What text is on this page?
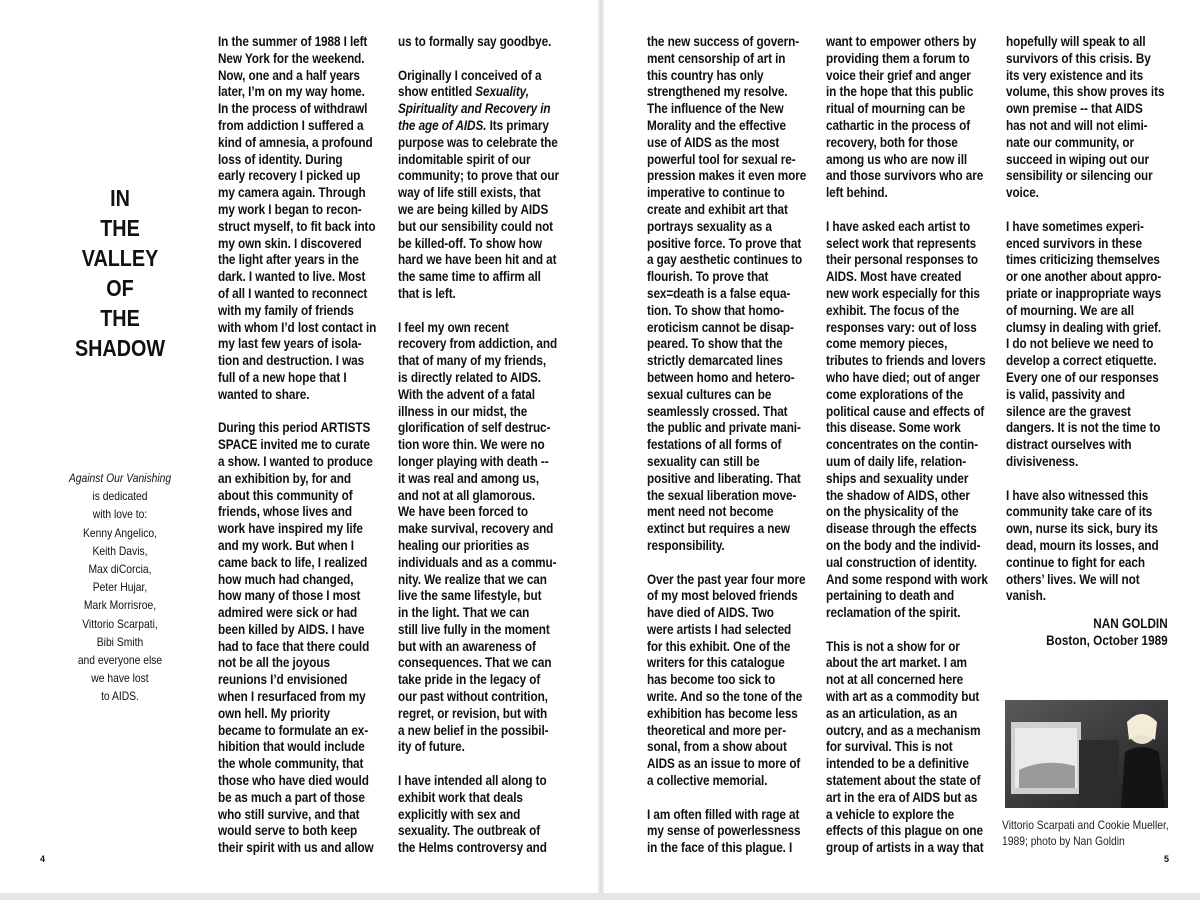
IN
THE
VALLEY
OF
THE
SHADOW
Against Our Vanishing
is dedicated
with love to:
Kenny Angelico,
Keith Davis,
Max diCorcia,
Peter Hujar,
Mark Morrisroe,
Vittorio Scarpati,
Bibi Smith
and everyone else
we have lost
to AIDS.
In the summer of 1988 I left
New York for the weekend.
Now, one and a half years
later, I’m on my way home.
In the process of withdrawl
from addiction I suffered a
kind of amnesia, a profound
loss of identity. During
early recovery I picked up
my camera again. Through
my work I began to recon-
struct myself, to fit back into
my own skin. I discovered
the light after years in the
dark. I wanted to live. Most
of all I wanted to reconnect
with my family of friends
with whom I’d lost contact in
my last few years of isola-
tion and destruction. I was
full of a new hope that I
wanted to share.
During this period ARTISTS
SPACE invited me to curate
a show. I wanted to produce
an exhibition by, for and
about this community of
friends, whose lives and
work have inspired my life
and my work. But when I
came back to life, I realized
how much had changed,
how many of those I most
admired were sick or had
been killed by AIDS. I have
had to face that there could
not be all the joyous
reunions I’d envisioned
when I resurfaced from my
own hell. My priority
became to formulate an ex-
hibition that would include
the whole community, that
those who have died would
be as much a part of those
who still survive, and that
would serve to both keep
their spirit with us and allow
us to formally say goodbye.
Originally I conceived of a
show entitled Sexuality,
Spirituality and Recovery in
the age of AIDS. Its primary
purpose was to celebrate the
indomitable spirit of our
community; to prove that our
way of life still exists, that
we are being killed by AIDS
but our sensibility could not
be killed-off. To show how
hard we have been hit and at
the same time to affirm all
that is left.
I feel my own recent
recovery from addiction, and
that of many of my friends,
is directly related to AIDS.
With the advent of a fatal
illness in our midst, the
glorification of self destruc-
tion wore thin. We were no
longer playing with death --
it was real and among us,
and not at all glamorous.
We have been forced to
make survival, recovery and
healing our priorities as
individuals and as a commu-
nity. We realize that we can
live the same lifestyle, but
in the light. That we can
still live fully in the moment
but with an awareness of
consequences. That we can
take pride in the legacy of
our past without contrition,
regret, or revision, but with
a new belief in the possibil-
ity of future.
I have intended all along to
exhibit work that deals
explicitly with sex and
sexuality. The outbreak of
the Helms controversy and
the new success of govern-
ment censorship of art in
this country has only
strengthened my resolve.
The influence of the New
Morality and the effective
use of AIDS as the most
powerful tool for sexual re-
pression makes it even more
imperative to continue to
create and exhibit art that
portrays sexuality as a
positive force. To prove that
a gay aesthetic continues to
flourish. To prove that
sex=death is a false equa-
tion. To show that homo-
eroticism cannot be disap-
peared. To show that the
strictly demarcated lines
between homo and hetero-
sexual cultures can be
seamlessly crossed. That
the public and private mani-
festations of all forms of
sexuality can still be
positive and liberating. That
the sexual liberation move-
ment need not become
extinct but requires a new
responsibility.
Over the past year four more
of my most beloved friends
have died of AIDS. Two
were artists I had selected
for this exhibit. One of the
writers for this catalogue
has become too sick to
write. And so the tone of the
exhibition has become less
theoretical and more per-
sonal, from a show about
AIDS as an issue to more of
a collective memorial.
I am often filled with rage at
my sense of powerlessness
in the face of this plague. I
want to empower others by
providing them a forum to
voice their grief and anger
in the hope that this public
ritual of mourning can be
cathartic in the process of
recovery, both for those
among us who are now ill
and those survivors who are
left behind.
I have asked each artist to
select work that represents
their personal responses to
AIDS. Most have created
new work especially for this
exhibit. The focus of the
responses vary: out of loss
come memory pieces,
tributes to friends and lovers
who have died; out of anger
come explorations of the
political cause and effects of
this disease. Some work
concentrates on the contin-
uum of daily life, relation-
ships and sexuality under
the shadow of AIDS, other
on the physicality of the
disease through the effects
on the body and the individ-
ual construction of identity.
And some respond with work
pertaining to death and
reclamation of the spirit.
This is not a show for or
about the art market. I am
not at all concerned here
with art as a commodity but
as an articulation, as an
outcry, and as a mechanism
for survival. This is not
intended to be a definitive
statement about the state of
art in the era of AIDS but as
a vehicle to explore the
effects of this plague on one
group of artists in a way that
hopefully will speak to all
survivors of this crisis. By
its very existence and its
volume, this show proves its
own premise -- that AIDS
has not and will not elimi-
nate our community, or
succeed in wiping out our
sensibility or silencing our
voice.
I have sometimes experi-
enced survivors in these
times criticizing themselves
or one another about appro-
priate or inappropriate ways
of mourning. We are all
clumsy in dealing with grief.
I do not believe we need to
develop a correct etiquette.
Every one of our responses
is valid, passivity and
silence are the gravest
dangers. It is not the time to
distract ourselves with
divisiveness.
I have also witnessed this
community take care of its
own, nurse its sick, bury its
dead, mourn its losses, and
continue to fight for each
others’ lives. We will not
vanish.
NAN GOLDIN
Boston, October 1989
Vittorio Scarpati and Cookie Mueller,
1989; photo by Nan Goldin
4	5
